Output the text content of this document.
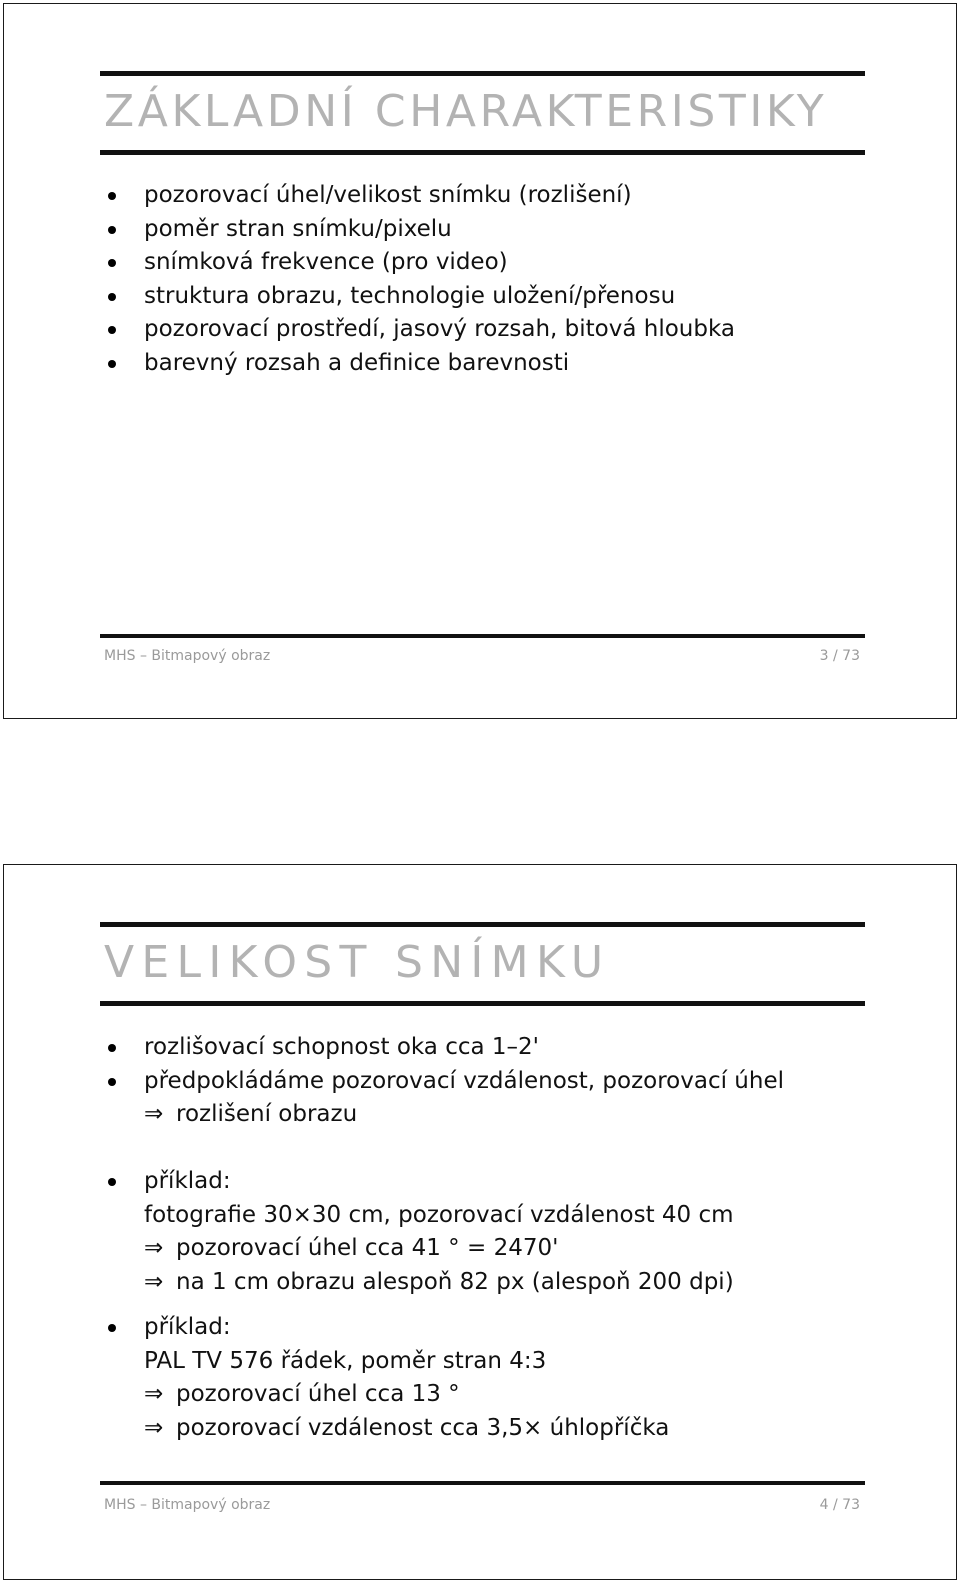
ZÁKLADNÍ CHARAKTERISTIKY
pozorovací úhel/velikost snímku (rozlišení)
poměr stran snímku/pixelu
snímková frekvence (pro video)
struktura obrazu, technologie uložení/přenosu
pozorovací prostředí, jasový rozsah, bitová hloubka
barevný rozsah a definice barevnosti
MHS – Bitmapový obraz	3 / 73
VELIKOST SNÍMKU
rozlišovací schopnost oka cca 1–2'
předpokládáme pozorovací vzdálenost, pozorovací úhel
⇒ rozlišení obrazu
příklad:
fotografie 30×30 cm, pozorovací vzdálenost 40 cm
⇒ pozorovací úhel cca 41 ° = 2470'
⇒ na 1 cm obrazu alespoň 82 px (alespoň 200 dpi)
příklad:
PAL TV 576 řádek, poměr stran 4:3
⇒ pozorovací úhel cca 13 °
⇒ pozorovací vzdálenost cca 3,5× úhlopříčka
MHS – Bitmapový obraz	4 / 73
